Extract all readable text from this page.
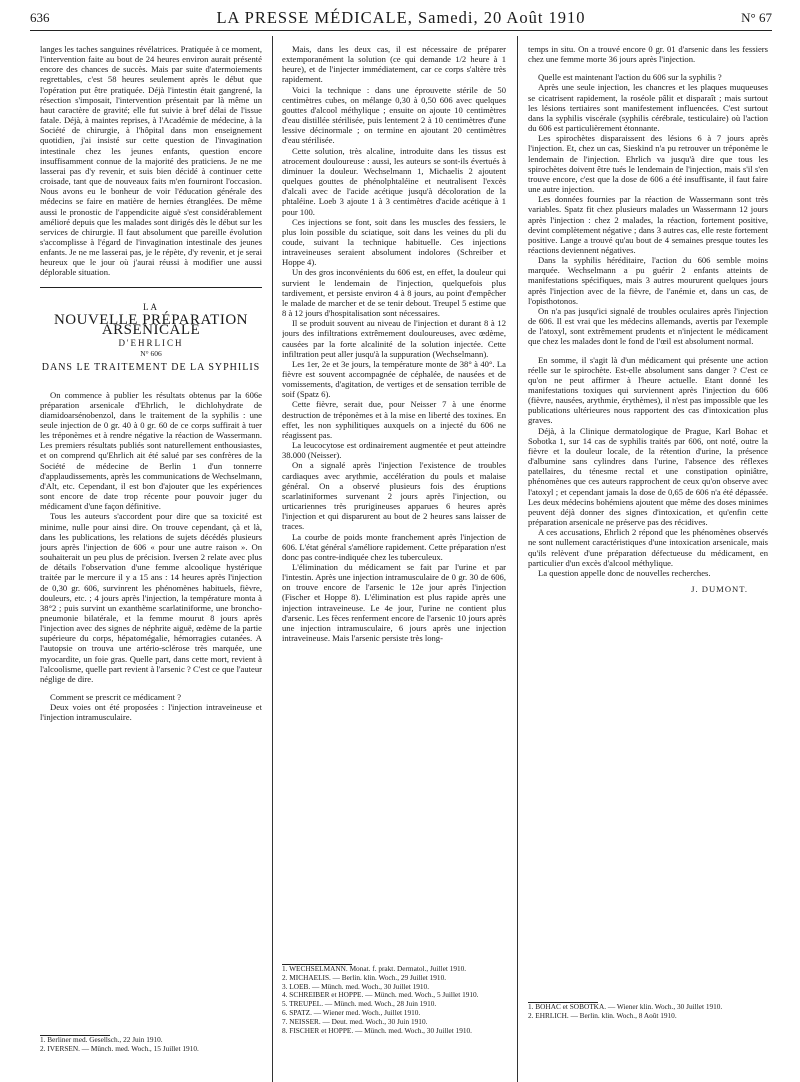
636	LA PRESSE MÉDICALE, Samedi, 20 Août 1910	N° 67

langes les taches sanguines révélatrices. Pratiquée à ce moment, l'intervention faite au bout de 24 heures environ aurait présenté encore des chances de succès. Mais par suite d'atermoiements regrettables, c'est 58 heures seulement après le début que l'opération put être pratiquée. Déjà l'intestin était gangrené, la résection s'imposait, l'intervention présentait par là même un haut caractère de gravité; elle fut suivie à bref délai de l'issue fatale. Déjà, à maintes reprises, à l'Académie de médecine, à la Société de chirurgie, à l'hôpital dans mon enseignement quotidien, j'ai insisté sur cette question de l'invagination intestinale chez les jeunes enfants, question encore insuffisamment connue de la majorité des praticiens. Je ne me lasserai pas d'y revenir, et suis bien décidé à continuer cette croisade, tant que de nouveaux faits m'en fourniront l'occasion. Nous avons eu le bonheur de voir l'éducation générale des médecins se faire en matière de hernies étranglées. De même aussi le pronostic de l'appendicite aiguë s'est considérablement amélioré depuis que les malades sont dirigés dès le début sur les services de chirurgie. Il faut absolument que pareille évolution s'accomplisse à l'égard de l'invagination intestinale des jeunes enfants. Je ne me lasserai pas, je le répète, d'y revenir, et je serai heureux que le jour où j'aurai réussi à modifier une aussi déplorable situation.

LA
NOUVELLE PRÉPARATION ARSENICALE
D'EHRLICH
N° 606
DANS LE TRAITEMENT DE LA SYPHILIS

On commence à publier les résultats obtenus par la 606e préparation arsenicale d'Ehrlich, le dichlohydrate de diamidoarsénobenzol, dans le traitement de la syphilis : une seule injection de 0 gr. 40 à 0 gr. 60 de ce corps suffirait à tuer les tréponèmes et à rendre négative la réaction de Wassermann. Les premiers résultats publiés sont naturellement enthousiastes, et on comprend qu'Ehrlich ait été salué par ses confrères de la Société de médecine de Berlin 1 d'un tonnerre d'applaudissements, après les communications de Wechselmann, d'Alt, etc. Cependant, il est bon d'ajouter que les expériences sont encore de date trop récente pour pouvoir juger du médicament d'une façon définitive.

Tous les auteurs s'accordent pour dire que sa toxicité est minime, nulle pour ainsi dire. On trouve cependant, çà et là, dans les publications, les relations de sujets décédés plusieurs jours après l'injection de 606 « pour une autre raison ». On souhaiterait un peu plus de précision. Iversen 2 relate avec plus de détails l'observation d'une femme alcoolique hystérique traitée par le mercure il y a 15 ans : 14 heures après l'injection de 0,30 gr. 606, survinrent les phénomènes habituels, fièvre, douleurs, etc. ; 4 jours après l'injection, la température monta à 38°2 ; puis survint un exanthème scarlatiniforme, une broncho-pneumonie bilatérale, et la femme mourut 8 jours après l'injection avec des signes de néphrite aiguë, œdème de la partie supérieure du corps, hépatomégalie, hémorragies cutanées. A l'autopsie on trouva une artério-sclérose très marquée, une myocardite, un foie gras. Quelle part, dans cette mort, revient à l'alcoolisme, quelle part revient à l'arsenic ? C'est ce que l'auteur néglige de dire.

Comment se prescrit ce médicament ?

Deux voies ont été proposées : l'injection intraveineuse et l'injection intramusculaire.

Mais, dans les deux cas, il est nécessaire de préparer extemporanément la solution (ce qui demande 1/2 heure à 1 heure), et de l'injecter immédiatement, car ce corps s'altère très rapidement.

Voici la technique : dans une éprouvette stérile de 50 centimètres cubes, on mélange 0,30 à 0,50 606 avec quelques gouttes d'alcool méthylique ; ensuite on ajoute 10 centimètres d'eau distillée stérilisée, puis lentement 2 à 10 centimètres d'une lessive décinormale ; on termine en ajoutant 20 centimètres d'eau stérilisée.

Cette solution, très alcaline, introduite dans les tissus est atrocement douloureuse : aussi, les auteurs se sont-ils évertués à diminuer la douleur. Wechselmann 1, Michaelis 2 ajoutent quelques gouttes de phénolphtaléine et neutralisent l'excès d'alcali avec de l'acide acétique jusqu'à décoloration de la phtaléine. Loeb 3 ajoute 1 à 3 centimètres d'acide acétique à 1 pour 100.

Ces injections se font, soit dans les muscles des fessiers, le plus loin possible du sciatique, soit dans les veines du pli du coude, suivant la technique habituelle. Ces injections intraveineuses seraient absolument indolores (Schreiber et Hoppe 4).

Un des gros inconvénients du 606 est, en effet, la douleur qui survient le lendemain de l'injection, quelquefois plus tardivement, et persiste environ 4 à 8 jours, au point d'empêcher le malade de marcher et de se tenir debout. Treupel 5 estime que 8 à 12 jours d'hospitalisation sont nécessaires.

Il se produit souvent au niveau de l'injection et durant 8 à 12 jours des infiltrations extrêmement douloureuses, avec œdème, causées par la forte alcalinité de la solution injectée. Cette infiltration peut aller jusqu'à la suppuration (Wechselmann).

Les 1er, 2e et 3e jours, la température monte de 38° à 40°. La fièvre est souvent accompagnée de céphalée, de nausées et de vomissements, d'agitation, de vertiges et de sensation terrible de soif (Spatz 6).

Cette fièvre, serait due, pour Neisser 7 à une énorme destruction de tréponèmes et à la mise en liberté des toxines. En effet, les non syphilitiques auxquels on a injecté du 606 ne réagissent pas.

La leucocytose est ordinairement augmentée et peut atteindre 38.000 (Neisser).

On a signalé après l'injection l'existence de troubles cardiaques avec arythmie, accélération du pouls et malaise général. On a observé plusieurs fois des éruptions scarlatiniformes survenant 2 jours après l'injection, ou urticariennes très prurigineuses apparues 6 heures après l'injection et qui disparurent au bout de 2 heures sans laisser de traces.

La courbe de poids monte franchement après l'injection de 606. L'état général s'améliore rapidement. Cette préparation n'est donc pas contre-indiquée chez les tuberculeux.

L'élimination du médicament se fait par l'urine et par l'intestin. Après une injection intramusculaire de 0 gr. 30 de 606, on trouve encore de l'arsenic le 12e jour après l'injection (Fischer et Hoppe 8). L'élimination est plus rapide après une injection intraveineuse. Le 4e jour, l'urine ne contient plus d'arsenic. Les fèces renferment encore de l'arsenic 10 jours après une injection intramusculaire, 6 jours après une injection intraveineuse. Mais l'arsenic persiste très long-

temps in situ. On a trouvé encore 0 gr. 01 d'arsenic dans les fessiers chez une femme morte 36 jours après l'injection.

Quelle est maintenant l'action du 606 sur la syphilis ?

Après une seule injection, les chancres et les plaques muqueuses se cicatrisent rapidement, la roséole pâlit et disparaît ; mais surtout les lésions tertiaires sont manifestement influencées. C'est surtout dans la syphilis viscérale (syphilis cérébrale, testiculaire) où l'action du 606 est particulièrement étonnante.

Les spirochètes disparaissent des lésions 6 à 7 jours après l'injection. Et, chez un cas, Sieskind n'a pu retrouver un tréponème le lendemain de l'injection. Ehrlich va jusqu'à dire que tous les spirochètes doivent être tués le lendemain de l'injection, mais s'il s'en trouve encore, c'est que la dose de 606 a été insuffisante, il faut faire une autre injection.

Les données fournies par la réaction de Wassermann sont très variables. Spatz fit chez plusieurs malades un Wassermann 12 jours après l'injection : chez 2 malades, la réaction, fortement positive, devint complètement négative ; dans 3 autres cas, elle reste fortement positive. Lange a trouvé qu'au bout de 4 semaines presque toutes les réactions deviennent négatives.

Dans la syphilis héréditaire, l'action du 606 semble moins marquée. Wechselmann a pu guérir 2 enfants atteints de manifestations spécifiques, mais 3 autres moururent quelques jours après l'injection avec de la fièvre, de l'anémie et, dans un cas, de l'opisthotonos.

On n'a pas jusqu'ici signalé de troubles oculaires après l'injection de 606. Il est vrai que les médecins allemands, avertis par l'exemple de l'atoxyl, sont extrêmement prudents et n'injectent le médicament que chez les malades dont le fond de l'œil est absolument normal.

En somme, il s'agit là d'un médicament qui présente une action réelle sur le spirochète. Est-elle absolument sans danger ? C'est ce qu'on ne peut affirmer à l'heure actuelle. Etant donné les manifestations toxiques qui surviennent après l'injection du 606 (fièvre, nausées, arythmie, érythèmes), il n'est pas impossible que les publications ultérieures nous rapportent des cas d'intoxication plus graves.

Déjà, à la Clinique dermatologique de Prague, Karl Bohac et Sobotka 1, sur 14 cas de syphilis traités par 606, ont noté, outre la fièvre et la douleur locale, de la rétention d'urine, la présence d'albumine sans cylindres dans l'urine, l'absence des réflexes patellaires, du ténesme rectal et une constipation opiniâtre, phénomènes que ces auteurs rapprochent de ceux qu'on observe avec l'atoxyl ; et cependant jamais la dose de 0,65 de 606 n'a été dépassée. Les deux médecins bohémiens ajoutent que même des doses minimes peuvent déjà donner des signes d'intoxication, et qu'enfin cette préparation arsenicale ne préserve pas des récidives.

A ces accusations, Ehrlich 2 répond que les phénomènes observés ne sont nullement caractéristiques d'une intoxication arsenicale, mais qu'ils relèvent d'une préparation défectueuse du médicament, en particulier d'un excès d'alcool méthylique.

La question appelle donc de nouvelles recherches.

J. DUMONT.

1. Berliner med. Gesellsch., 22 Juin 1910.
2. IVERSEN. — Münch. med. Woch., 15 Juillet 1910.
1. WECHSELMANN. Monat. f. prakt. Dermatol., Juillet 1910.
2. MICHAELIS. — Berlin. klin. Woch., 29 Juillet 1910.
3. LOEB. — Münch. med. Woch., 30 Juillet 1910.
4. SCHREIBER et HOPPE. — Münch. med. Woch., 5 Juillet 1910.
5. TREUPEL. — Münch. med. Woch., 28 Juin 1910.
6. SPATZ. — Wiener med. Woch., Juillet 1910.
7. NEISSER. — Deut. med. Woch., 30 Juin 1910.
8. FISCHER et HOPPE. — Münch. med. Woch., 30 Juillet 1910.
1. BOHAC et SOBOTKA. — Wiener klin. Woch., 30 Juillet 1910.
2. EHRLICH. — Berlin. klin. Woch., 8 Août 1910.
